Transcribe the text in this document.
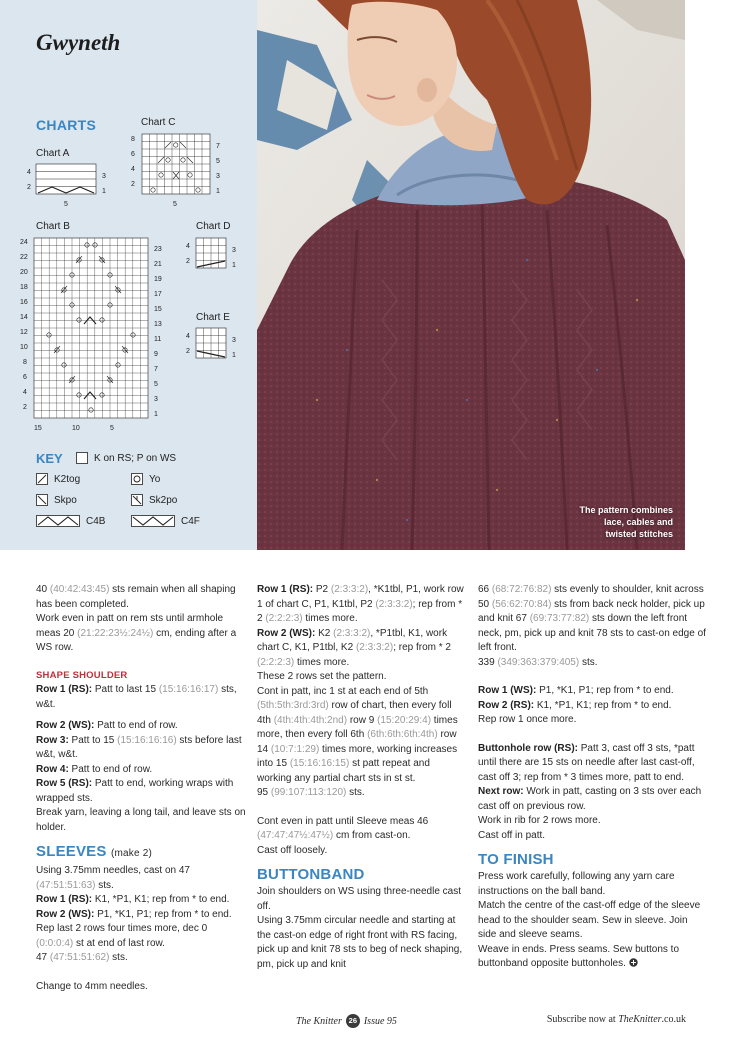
Gwyneth
CHARTS
Chart A
4
2
3
1
5
Chart C
8
6
4
2
7
5
3
1
5
Chart B
24
22
20
18
16
14
12
10
8
6
4
2
23
21
19
17
15
13
11
9
7
5
3
1
15	10	5
Chart D
4
2
3
1
Chart E
4
2
3
1
KEY	K on RS; P on WS
K2tog	Yo
Skpo	Sk2po
C4B	C4F
The pattern combines
lace, cables and
twisted stitches

40 (40:42:43:45) sts remain when all shaping has been completed.

Work even in patt on rem sts until armhole meas 20 (21:22:23½:24½) cm, ending after a WS row.

SHAPE SHOULDER

Row 1 (RS): Patt to last 15 (15:16:16:17) sts, w&t.

Row 2 (WS): Patt to end of row.

Row 3: Patt to 15 (15:16:16:16) sts before last w&t, w&t.

Row 4: Patt to end of row.

Row 5 (RS): Patt to end, working wraps with wrapped sts.

Break yarn, leaving a long tail, and leave sts on holder.

SLEEVES (make 2)

Using 3.75mm needles, cast on 47 (47:51:51:63) sts.

Row 1 (RS): K1, *P1, K1; rep from * to end.

Row 2 (WS): P1, *K1, P1; rep from * to end.

Rep last 2 rows four times more, dec 0 (0:0:0:4) st at end of last row.

47 (47:51:51:62) sts.

Change to 4mm needles.

Row 1 (RS): P2 (2:3:3:2), *K1tbl, P1, work row 1 of chart C, P1, K1tbl, P2 (2:3:3:2); rep from * 2 (2:2:2:3) times more.

Row 2 (WS): K2 (2:3:3:2), *P1tbl, K1, work chart C, K1, P1tbl, K2 (2:3:3:2); rep from * 2 (2:2:2:3) times more.

These 2 rows set the pattern.

Cont in patt, inc 1 st at each end of 5th (5th:5th:3rd:3rd) row of chart, then every foll 4th (4th:4th:4th:2nd) row 9 (15:20:29:4) times more, then every foll 6th (6th:6th:6th:4th) row 14 (10:7:1:29) times more, working increases into 15 (15:16:16:15) st patt repeat and working any partial chart sts in st st.

95 (99:107:113:120) sts.

Cont even in patt until Sleeve meas 46 (47:47:47½:47½) cm from cast-on.

Cast off loosely.

BUTTONBAND

Join shoulders on WS using three-needle cast off.

Using 3.75mm circular needle and starting at the cast-on edge of right front with RS facing, pick up and knit 78 sts to beg of neck shaping, pm, pick up and knit

66 (68:72:76:82) sts evenly to shoulder, knit across 50 (56:62:70:84) sts from back neck holder, pick up and knit 67 (69:73:77:82) sts down the left front neck, pm, pick up and knit 78 sts to cast-on edge of left front.

339 (349:363:379:405) sts.

Row 1 (WS): P1, *K1, P1; rep from * to end.

Row 2 (RS): K1, *P1, K1; rep from * to end.

Rep row 1 once more.

Buttonhole row (RS): Patt 3, cast off 3 sts, *patt until there are 15 sts on needle after last cast-off, cast off 3; rep from * 3 times more, patt to end.

Next row: Work in patt, casting on 3 sts over each cast off on previous row.

Work in rib for 2 rows more.

Cast off in patt.

TO FINISH

Press work carefully, following any yarn care instructions on the ball band.

Match the centre of the cast-off edge of the sleeve head to the shoulder seam. Sew in sleeve. Join side and sleeve seams.

Weave in ends. Press seams. Sew buttons to buttonband opposite buttonholes.

The Knitter 26 Issue 95	Subscribe now at TheKnitter.co.uk
